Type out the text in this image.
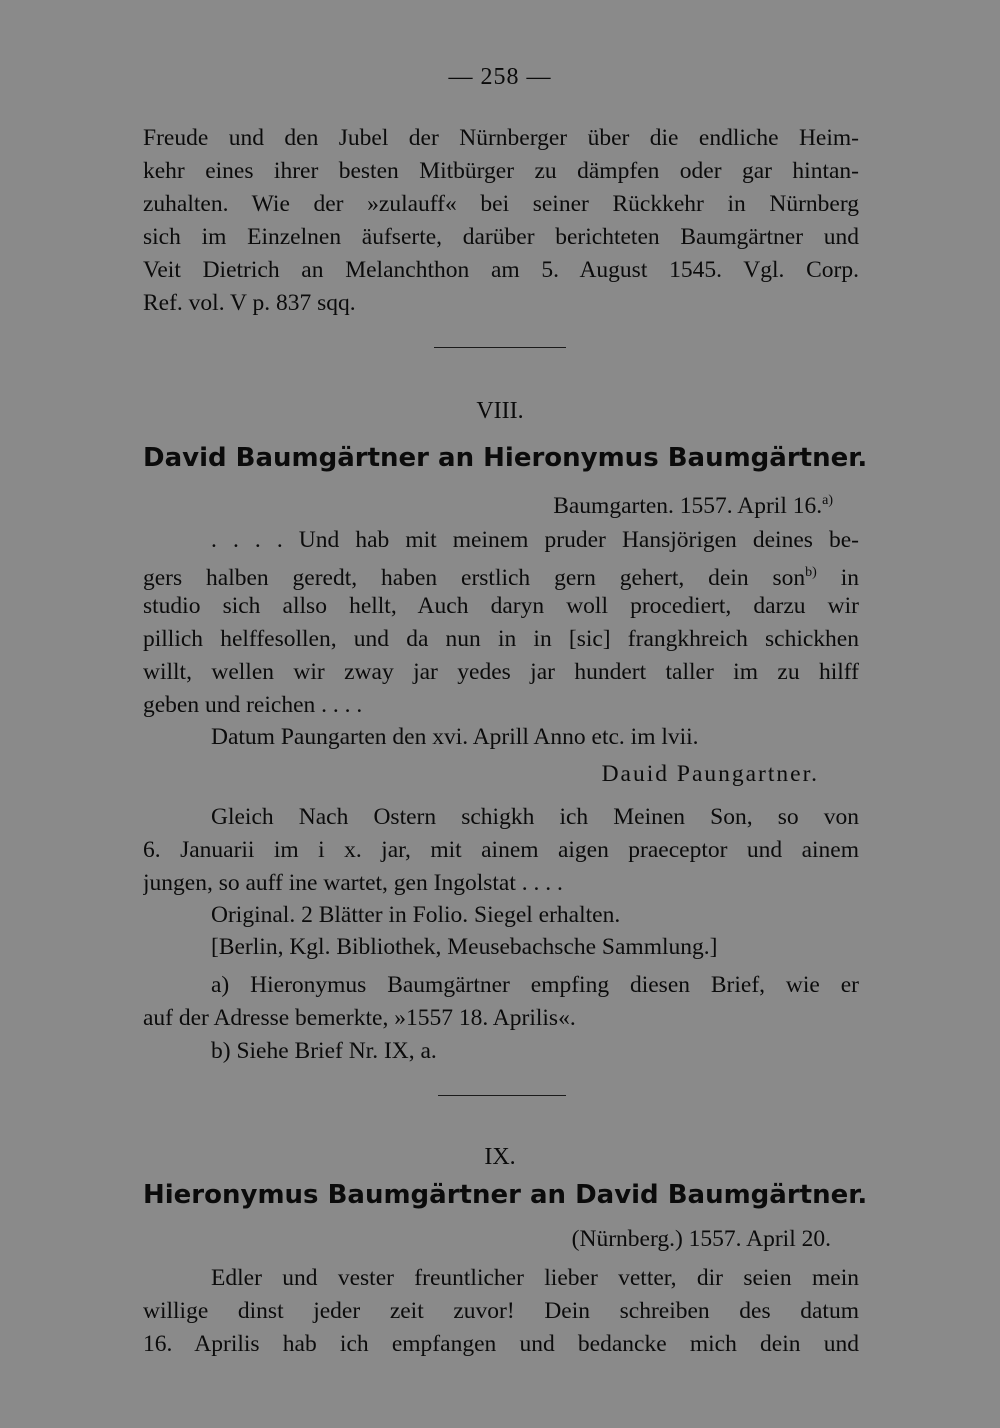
— 258 —
Freude und den Jubel der Nürnberger über die endliche Heim-
kehr eines ihrer besten Mitbürger zu dämpfen oder gar hintan-
zuhalten. Wie der »zulauff« bei seiner Rückkehr in Nürnberg
sich im Einzelnen äufserte, darüber berichteten Baumgärtner und
Veit Dietrich an Melanchthon am 5. August 1545. Vgl. Corp.
Ref. vol. V p. 837 sqq.
VIII.
David Baumgärtner an Hieronymus Baumgärtner.
Baumgarten. 1557. April 16.$^{a)}$
. . . . Und hab mit meinem pruder Hansjörigen deines be-
gers halben geredt, haben erstlich gern gehert, dein son$^{b)}$ in
studio sich allso hellt, Auch daryn woll procediert, darzu wir
pillich helffesollen, und da nun in in [sic] frangkhreich schickhen
willt, wellen wir zway jar yedes jar hundert taller im zu hilff
geben und reichen . . . .
Datum Paungarten den xvi. Aprill Anno etc. im lvii.
Dauid Paungartner.
Gleich Nach Ostern schigkh ich Meinen Son, so von
6. Januarii im i x. jar, mit ainem aigen praeceptor und ainem
jungen, so auff ine wartet, gen Ingolstat . . . .
Original. 2 Blätter in Folio. Siegel erhalten.
[Berlin, Kgl. Bibliothek, Meusebachsche Sammlung.]
a) Hieronymus Baumgärtner empfing diesen Brief, wie er
auf der Adresse bemerkte, »1557 18. Aprilis«.
b) Siehe Brief Nr. IX, a.
IX.
Hieronymus Baumgärtner an David Baumgärtner.
(Nürnberg.) 1557. April 20.
Edler und vester freuntlicher lieber vetter, dir seien mein
willige dinst jeder zeit zuvor! Dein schreiben des datum
16. Aprilis hab ich empfangen und bedancke mich dein und
